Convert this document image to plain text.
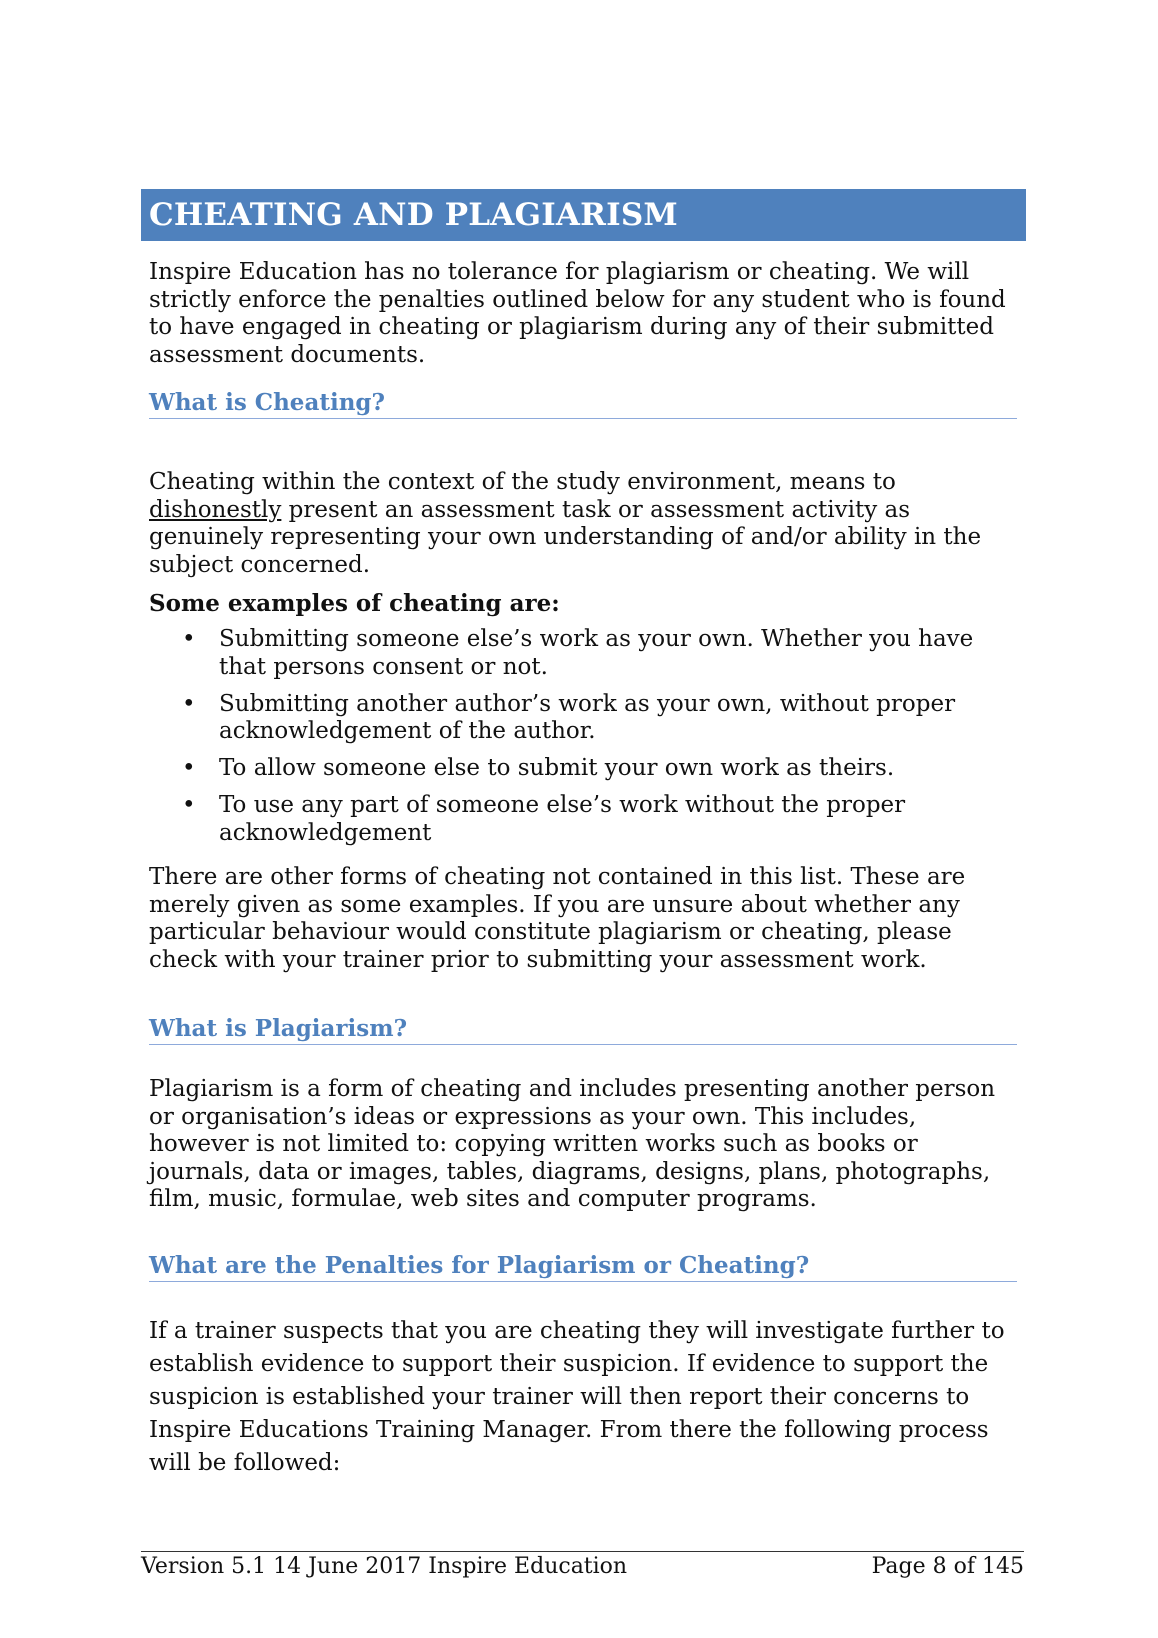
CHEATING AND PLAGIARISM

Inspire Education has no tolerance for plagiarism or cheating. We will strictly enforce the penalties outlined below for any student who is found to have engaged in cheating or plagiarism during any of their submitted assessment documents.

What is Cheating?

Cheating within the context of the study environment, means to dishonestly present an assessment task or assessment activity as genuinely representing your own understanding of and/or ability in the subject concerned.

Some examples of cheating are:
• Submitting someone else’s work as your own. Whether you have that persons consent or not.
• Submitting another author’s work as your own, without proper acknowledgement of the author.
• To allow someone else to submit your own work as theirs.
• To use any part of someone else’s work without the proper acknowledgement

There are other forms of cheating not contained in this list. These are merely given as some examples. If you are unsure about whether any particular behaviour would constitute plagiarism or cheating, please check with your trainer prior to submitting your assessment work.

What is Plagiarism?

Plagiarism is a form of cheating and includes presenting another person or organisation’s ideas or expressions as your own. This includes, however is not limited to: copying written works such as books or journals, data or images, tables, diagrams, designs, plans, photographs, film, music, formulae, web sites and computer programs.

What are the Penalties for Plagiarism or Cheating?

If a trainer suspects that you are cheating they will investigate further to establish evidence to support their suspicion. If evidence to support the suspicion is established your trainer will then report their concerns to Inspire Educations Training Manager. From there the following process will be followed:

Version 5.1 14 June 2017 Inspire Education	Page 8 of 145
